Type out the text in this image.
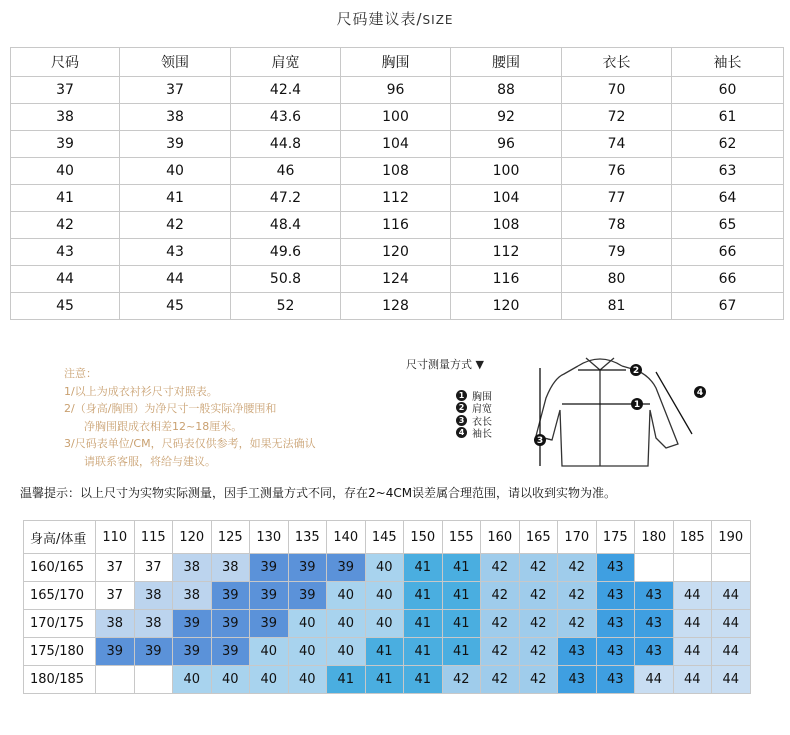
尺码建议表/SIZE
尺码	领围	肩宽	胸围	腰围	衣长	袖长
37	37	42.4	96	88	70	60
38	38	43.6	100	92	72	61
39	39	44.8	104	96	74	62
40	40	46	108	100	76	63
41	41	47.2	112	104	77	64
42	42	48.4	116	108	78	65
43	43	49.6	120	112	79	66
44	44	50.8	124	116	80	66
45	45	52	128	120	81	67
注意：
1/以上为成衣衬衫尺寸对照表。
2/（身高/胸围）为净尺寸一般实际净腰围和
净胸围跟成衣相差12~18厘米。
3/尺码表单位/CM，尺码表仅供参考，如果无法确认
请联系客服，将给与建议。
尺寸测量方式 ▼
1 胸围
2 肩宽
3 衣长
4 袖长
1
2
3
4
温馨提示：以上尺寸为实物实际测量，因手工测量方式不同，存在2~4CM误差属合理范围，请以收到实物为准。
身高/体重	110	115	120	125	130	135	140	145	150	155	160	165	170	175	180	185	190
160/165	37	37	38	38	39	39	39	40	41	41	42	42	42	43			
165/170	37	38	38	39	39	39	40	40	41	41	42	42	42	43	43	44	44
170/175	38	38	39	39	39	40	40	40	41	41	42	42	42	43	43	44	44
175/180	39	39	39	39	40	40	40	41	41	41	42	42	43	43	43	44	44
180/185			40	40	40	40	41	41	41	42	42	42	43	43	44	44	44
